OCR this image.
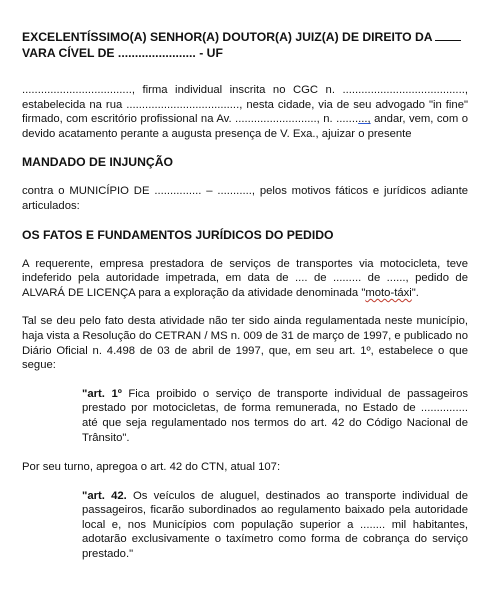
EXCELENTÍSSIMO(A) SENHOR(A) DOUTOR(A) JUIZ(A) DE DIREITO DA
VARA CÍVEL DE ....................... - UF

..................................., firma individual inscrita no CGC n. ......................................., estabelecida na rua ...................................., nesta cidade, via de seu advogado "in fine" firmado, com escritório profissional na Av. .........................., n. .........., andar, vem, com o devido acatamento perante a augusta presença de V. Exa., ajuizar o presente

MANDADO DE INJUNÇÃO

contra o MUNICÍPIO DE ............... – ..........., pelos motivos fáticos e jurídicos adiante articulados:

OS FATOS E FUNDAMENTOS JURÍDICOS DO PEDIDO

A requerente, empresa prestadora de serviços de transportes via motocicleta, teve indeferido pela autoridade impetrada, em data de .... de ......... de ......, pedido de ALVARÁ DE LICENÇA para a exploração da atividade denominada "moto-táxi".

Tal se deu pelo fato desta atividade não ter sido ainda regulamentada neste município, haja vista a Resolução do CETRAN / MS n. 009 de 31 de março de 1997, e publicado no Diário Oficial n. 4.498 de 03 de abril de 1997, que, em seu art. 1º, estabelece o que segue:

"art. 1º Fica proibido o serviço de transporte individual de passageiros prestado por motocicletas, de forma remunerada, no Estado de ............... até que seja regulamentado nos termos do art. 42 do Código Nacional de Trânsito".

Por seu turno, apregoa o art. 42 do CTN, atual 107:

"art. 42. Os veículos de aluguel, destinados ao transporte individual de passageiros, ficarão subordinados ao regulamento baixado pela autoridade local e, nos Municípios com população superior a ........ mil habitantes, adotarão exclusivamente o taxímetro como forma de cobrança do serviço prestado."
